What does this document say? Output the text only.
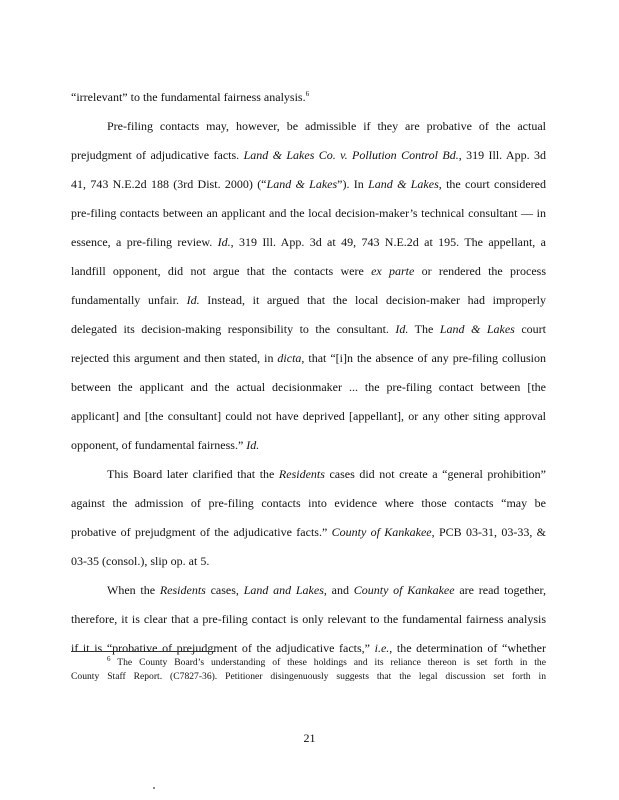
“irrelevant” to the fundamental fairness analysis.$^6$
Pre-filing contacts may, however, be admissible if they are probative of the actual
prejudgment of adjudicative facts. Land & Lakes Co. v. Pollution Control Bd., 319 Ill. App. 3d
41, 743 N.E.2d 188 (3rd Dist. 2000) (“Land & Lakes”). In Land & Lakes, the court considered
pre-filing contacts between an applicant and the local decision-maker’s technical consultant — in
essence, a pre-filing review. Id., 319 Ill. App. 3d at 49, 743 N.E.2d at 195. The appellant, a
landfill opponent, did not argue that the contacts were ex parte or rendered the process
fundamentally unfair. Id. Instead, it argued that the local decision-maker had improperly
delegated its decision-making responsibility to the consultant. Id. The Land & Lakes court
rejected this argument and then stated, in dicta, that “[i]n the absence of any pre-filing collusion
between the applicant and the actual decisionmaker ... the pre-filing contact between [the
applicant] and [the consultant] could not have deprived [appellant], or any other siting approval
opponent, of fundamental fairness.” Id.
This Board later clarified that the Residents cases did not create a “general prohibition”
against the admission of pre-filing contacts into evidence where those contacts “may be
probative of prejudgment of the adjudicative facts.” County of Kankakee, PCB 03-31, 03-33, &
03-35 (consol.), slip op. at 5.
When the Residents cases, Land and Lakes, and County of Kankakee are read together,
therefore, it is clear that a pre-filing contact is only relevant to the fundamental fairness analysis
if it is “probative of prejudgment of the adjudicative facts,” i.e., the determination of “whether
$^6$ The County Board’s understanding of these holdings and its reliance thereon is set forth in the
County Staff Report. (C7827-36). Petitioner disingenuously suggests that the legal discussion set forth in
21
